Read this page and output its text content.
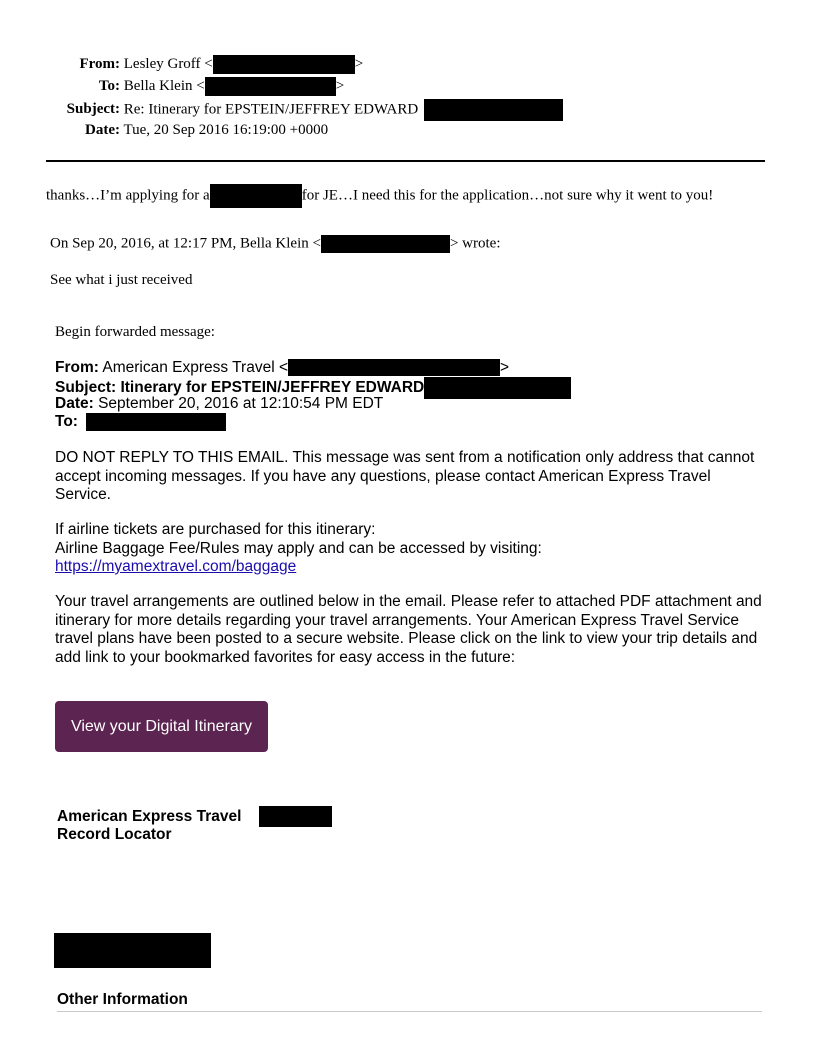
From: Lesley Groff <	>
To: Bella Klein <	>
Subject: Re: Itinerary for EPSTEIN/JEFFREY EDWARD
Date: Tue, 20 Sep 2016 16:19:00 +0000
thanks…I’m applying for a	for JE…I need this for the application…not sure why it went to you!
On Sep 20, 2016, at 12:17 PM, Bella Klein <	> wrote:
See what i just received
Begin forwarded message:
From: American Express Travel <	>
Subject: Itinerary for EPSTEIN/JEFFREY EDWARD
Date: September 20, 2016 at 12:10:54 PM EDT
To:
DO NOT REPLY TO THIS EMAIL. This message was sent from a notification only address that cannot accept incoming messages. If you have any questions, please contact American Express Travel Service.
If airline tickets are purchased for this itinerary:
Airline Baggage Fee/Rules may apply and can be accessed by visiting:
https://myamextravel.com/baggage
Your travel arrangements are outlined below in the email. Please refer to attached PDF attachment and itinerary for more details regarding your travel arrangements. Your American Express Travel Service travel plans have been posted to a secure website. Please click on the link to view your trip details and add link to your bookmarked favorites for easy access in the future:
View your Digital Itinerary
American Express Travel
Record Locator
Other Information
